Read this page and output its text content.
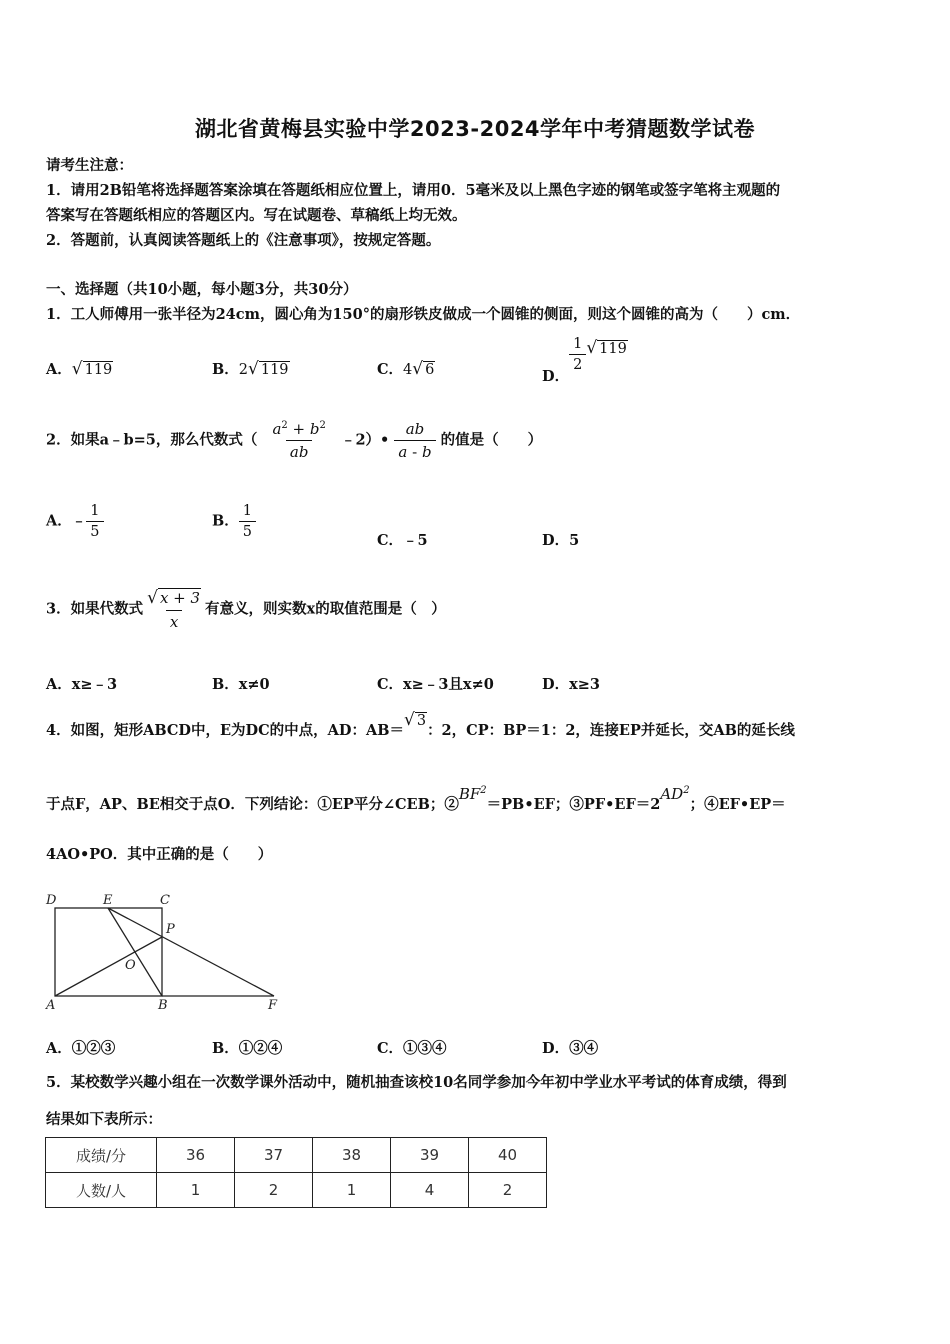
湖北省黄梅县实验中学2023-2024学年中考猜题数学试卷
请考生注意：
1．请用2B铅笔将选择题答案涂填在答题纸相应位置上，请用0．5毫米及以上黑色字迹的钢笔或签字笔将主观题的
答案写在答题纸相应的答题区内。写在试题卷、草稿纸上均无效。
2．答题前，认真阅读答题纸上的《注意事项》，按规定答题。
一、选择题（共10小题，每小题3分，共30分）
1．工人师傅用一张半径为24cm，圆心角为150°的扇形铁皮做成一个圆锥的侧面，则这个圆锥的高为（　　）cm．
A．√ 119	B．2√ 119	C．4√ 6	D．
$\frac{1}{2}$ √ 119
2．如果a﹣b=5，那么代数式（ $\frac{a^2 + b^2}{ab}$ ﹣2）• $\frac{ab}{a - b}$ 的值是（　　）
A．﹣ $\frac{1}{5}$	B． $\frac{1}{5}$
C．﹣5	D．5
3．如果代数式 $\frac{√ x + 3}{x}$ 有意义，则实数x的取值范围是（　）
A．x≥﹣3	B．x≠0	C．x≥﹣3且x≠0	D．x≥3
4．如图，矩形ABCD中，E为DC的中点，AD：AB＝√ 3：2，CP：BP＝1：2，连接EP并延长，交AB的延长线
于点F，AP、BE相交于点O．下列结论：①EP平分∠CEB；$②BF^2=PB•EF$；$③PF•EF=2AD^2$；④EF•EP＝
4AO•PO．其中正确的是（　　）
D	E	C
P
O
A	B	F
A．①②③	B．①②④	C．①③④	D．③④
5．某校数学兴趣小组在一次数学课外活动中，随机抽查该校10名同学参加今年初中学业水平考试的体育成绩，得到
结果如下表所示：
成绩/分	36	37	38	39	40
人数/人	1	2	1	4	2
